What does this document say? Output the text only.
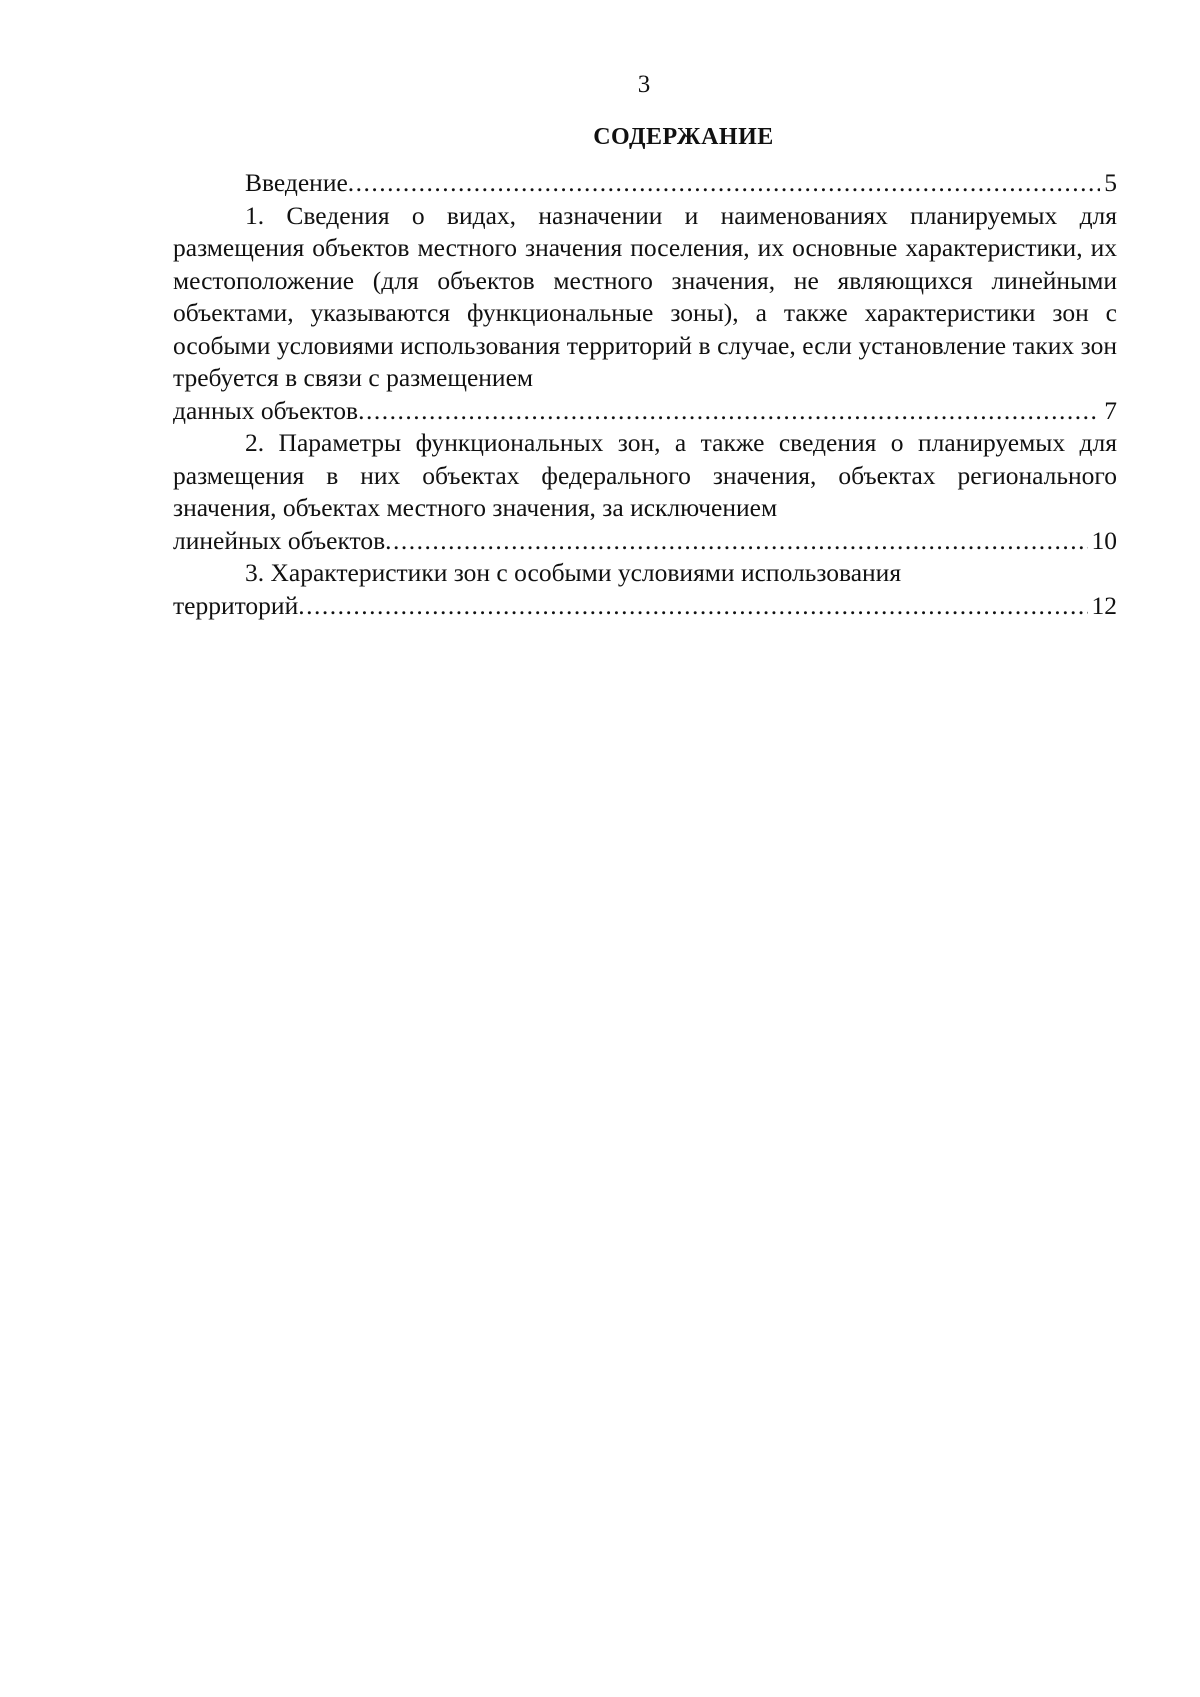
3
СОДЕРЖАНИЕ
Введение .....	5
1. Сведения о видах, назначении и наименованиях планируемых для размещения объектов местного значения поселения, их основные характеристики, их местоположение (для объектов местного значения, не являющихся линейными объектами, указываются функциональные зоны), а также характеристики зон с особыми условиями использования территорий в случае, если установление таких зон требуется в связи с размещением
данных объектов .....	7
2. Параметры функциональных зон, а также сведения о планируемых для размещения в них объектах федерального значения, объектах регионального значения, объектах местного значения, за исключением
линейных объектов .....	10
3. Характеристики зон с особыми условиями использования
территорий .....	12
